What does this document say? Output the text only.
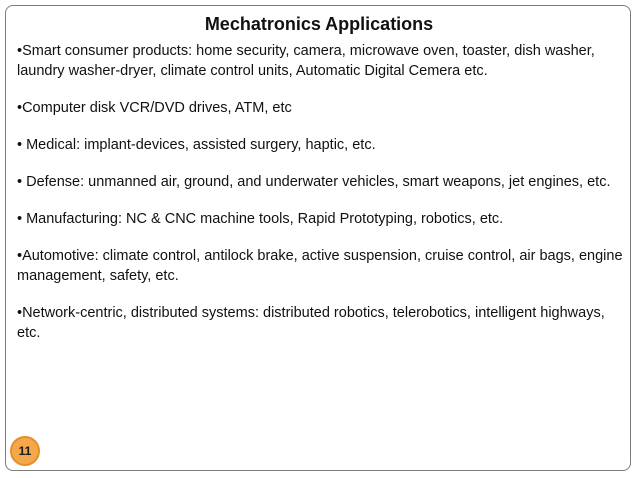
Mechatronics Applications

•Smart consumer products: home security, camera, microwave oven, toaster, dish washer, laundry washer-dryer, climate control units, Automatic Digital Cemera etc.

•Computer disk VCR/DVD drives, ATM, etc

• Medical: implant-devices, assisted surgery, haptic, etc.

• Defense: unmanned air, ground, and underwater vehicles, smart weapons, jet engines, etc.

• Manufacturing: NC & CNC machine tools, Rapid Prototyping, robotics, etc.

•Automotive: climate control, antilock brake, active suspension, cruise control, air bags, engine management, safety, etc.

•Network-centric, distributed systems: distributed robotics, telerobotics, intelligent highways, etc.

11
